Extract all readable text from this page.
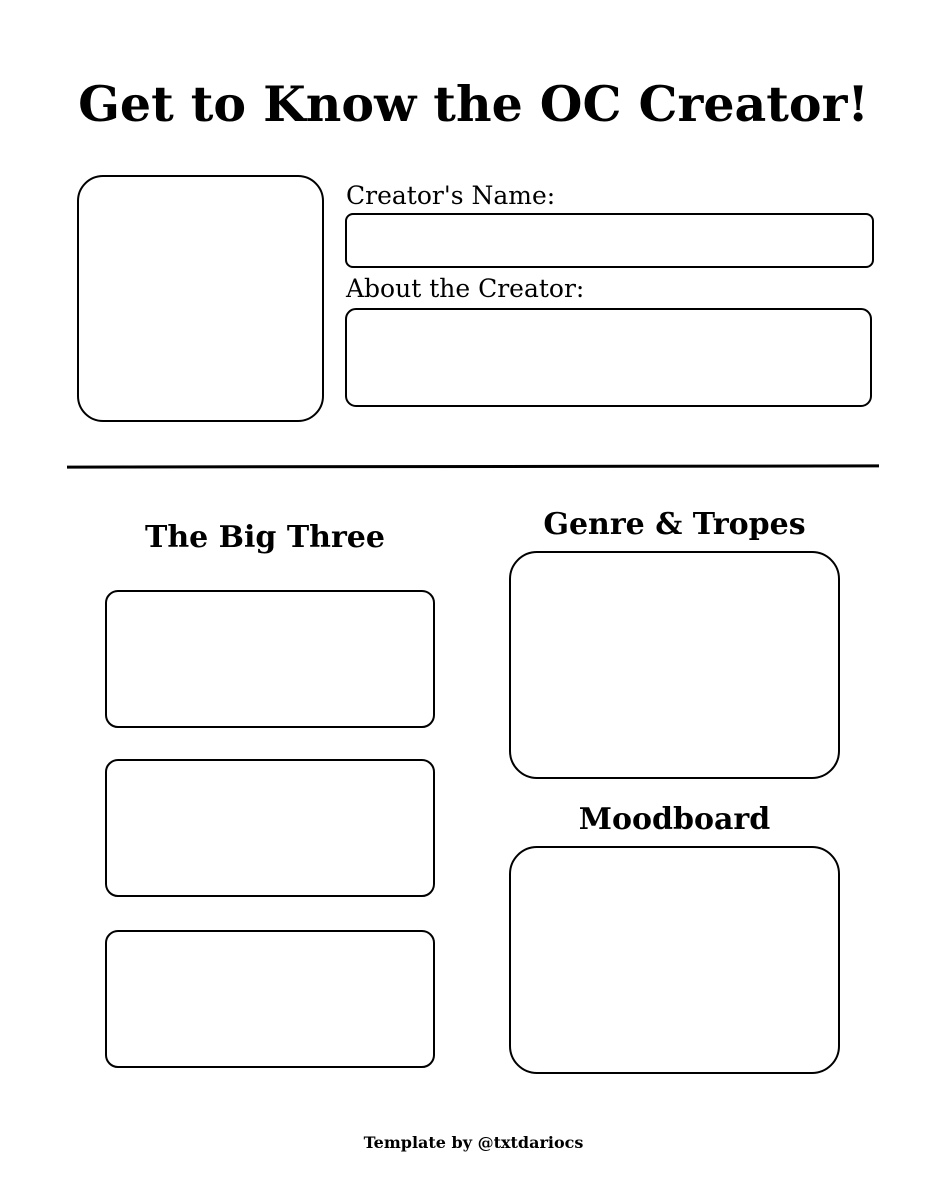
Get to Know the OC Creator!
Creator's Name:
About the Creator:
The Big Three	Genre & Tropes
Moodboard
Template by @txtdariocs
